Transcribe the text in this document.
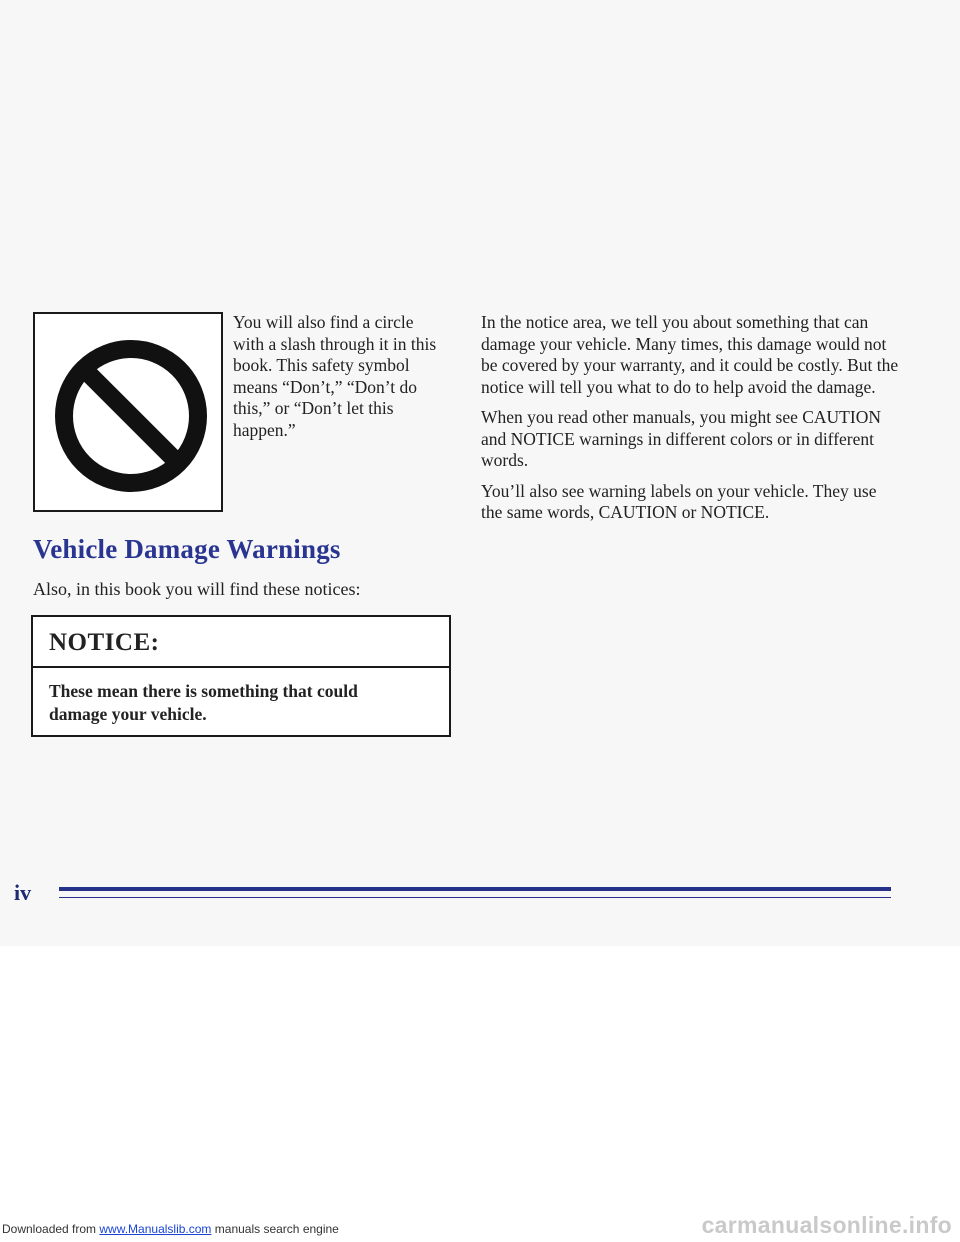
You will also find a circle with a slash through it in this book. This safety symbol means “Don’t,” “Don’t do this,” or “Don’t let this happen.”

Vehicle Damage Warnings

Also, in this book you will find these notices:

NOTICE:

These mean there is something that could damage your vehicle.

In the notice area, we tell you about something that can damage your vehicle. Many times, this damage would not be covered by your warranty, and it could be costly. But the notice will tell you what to do to help avoid the damage.

When you read other manuals, you might see CAUTION and NOTICE warnings in different colors or in different words.

You’ll also see warning labels on your vehicle. They use the same words, CAUTION or NOTICE.

iv

Downloaded from www.Manualslib.com manuals search engine	carmanualsonline.info
